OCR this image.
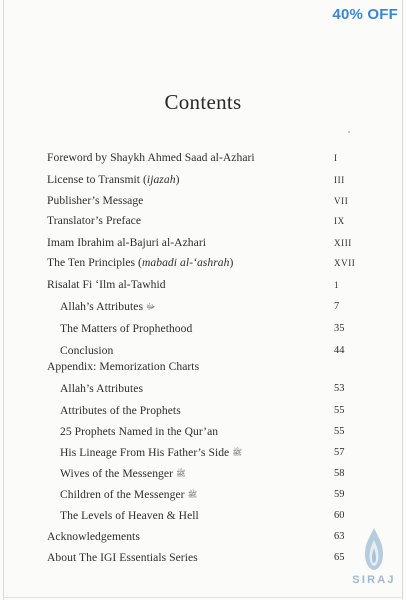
40% OFF
Contents
Foreword by Shaykh Ahmed Saad al-Azhari	I
License to Transmit (ijazah)	III
Publisher’s Message	VII
Translator’s Preface	IX
Imam Ibrahim al-Bajuri al-Azhari	XIII
The Ten Principles (mabadi al-‘ashrah)	XVII
Risalat Fi ‘Ilm al-Tawhid	1
Allah’s Attributes ﷻ	7
The Matters of Prophethood	35
Conclusion	44
Appendix: Memorization Charts
Allah’s Attributes	53
Attributes of the Prophets	55
25 Prophets Named in the Qur’an	55
His Lineage From His Father’s Side ﷺ	57
Wives of the Messenger ﷺ	58
Children of the Messenger ﷺ	59
The Levels of Heaven & Hell	60
Acknowledgements	63
About The IGI Essentials Series	65
SIRAJ
